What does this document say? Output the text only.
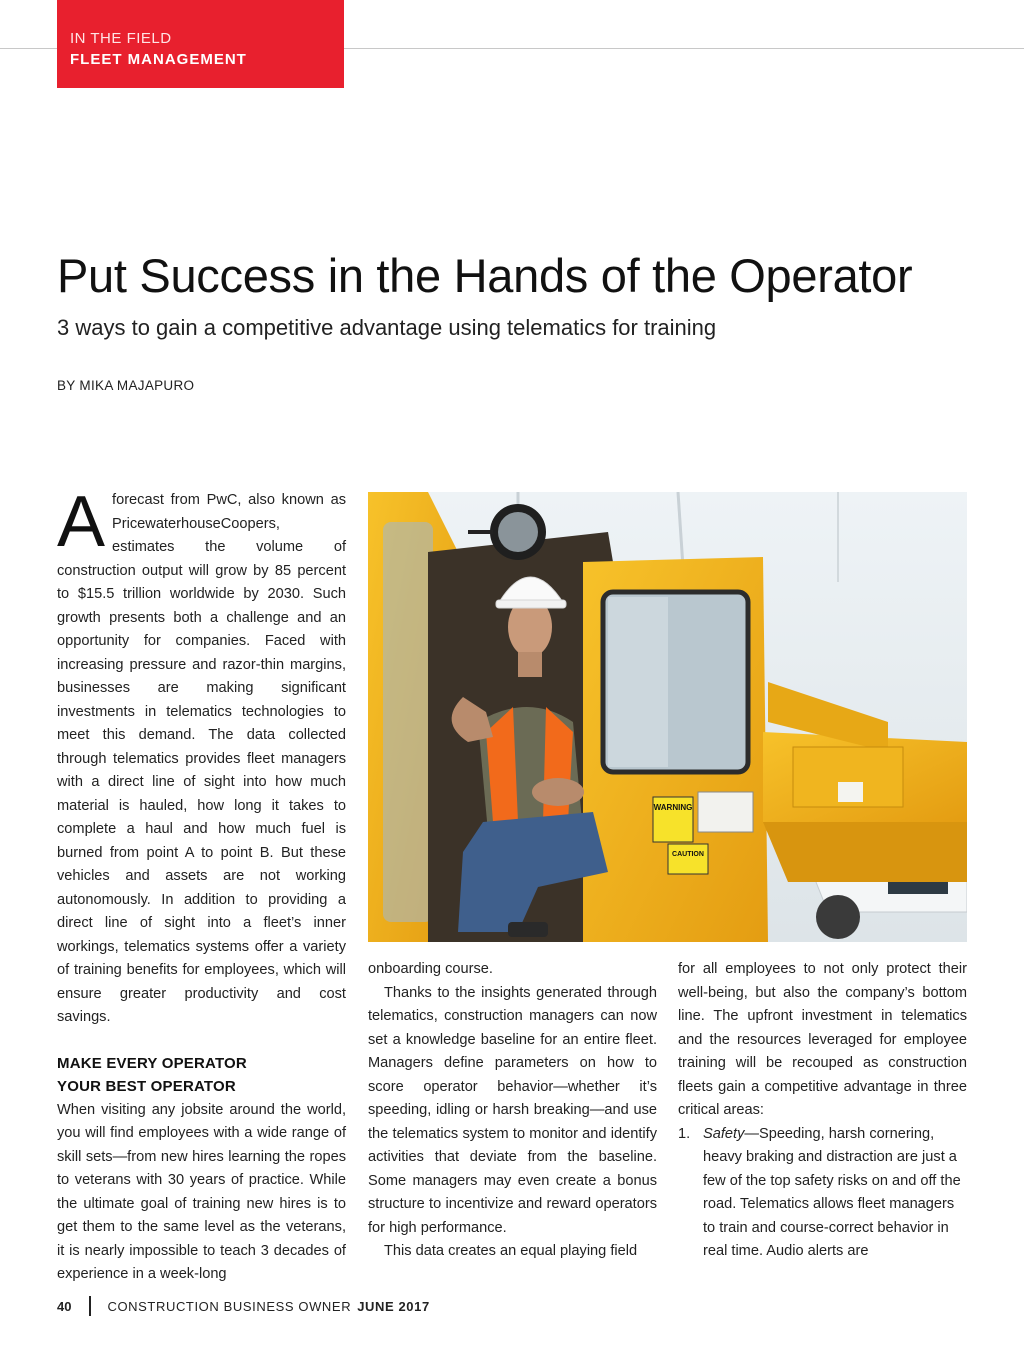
IN THE FIELD
FLEET MANAGEMENT
Put Success in the Hands of the Operator
3 ways to gain a competitive advantage using telematics for training
BY MIKA MAJAPURO

Aforecast from PwC, also known as PricewaterhouseCoopers, estimates the volume of construction output will grow by 85 percent to $15.5 trillion worldwide by 2030. Such growth presents both a challenge and an opportunity for companies. Faced with increasing pressure and razor-thin margins, businesses are making significant investments in telematics technologies to meet this demand. The data collected through telematics provides fleet managers with a direct line of sight into how much material is hauled, how long it takes to complete a haul and how much fuel is burned from point A to point B. But these vehicles and assets are not working autonomously. In addition to providing a direct line of sight into a fleet’s inner workings, telematics systems offer a variety of training benefits for employees, which will ensure greater productivity and cost savings.

MAKE EVERY OPERATOR
YOUR BEST OPERATOR

When visiting any jobsite around the world, you will find employees with a wide range of skill sets—from new hires learning the ropes to veterans with 30 years of practice. While the ultimate goal of training new hires is to get them to the same level as the veterans, it is nearly impossible to teach 3 decades of experience in a week-long

WARNING
CAUTION

onboarding course.

Thanks to the insights generated through telematics, construction managers can now set a knowledge baseline for an entire fleet. Managers define parameters on how to score operator behavior—whether it’s speeding, idling or harsh breaking—and use the telematics system to monitor and identify activities that deviate from the baseline. Some managers may even create a bonus structure to incentivize and reward operators for high performance.

This data creates an equal playing field

for all employees to not only protect their well-being, but also the company’s bottom line. The upfront investment in telematics and the resources leveraged for employee training will be recouped as construction fleets gain a competitive advantage in three critical areas:

1. Safety—Speeding, harsh cornering, heavy braking and distraction are just a few of the top safety risks on and off the road. Telematics allows fleet managers to train and course-correct behavior in real time. Audio alerts are
40	CONSTRUCTION BUSINESS OWNER JUNE 2017
